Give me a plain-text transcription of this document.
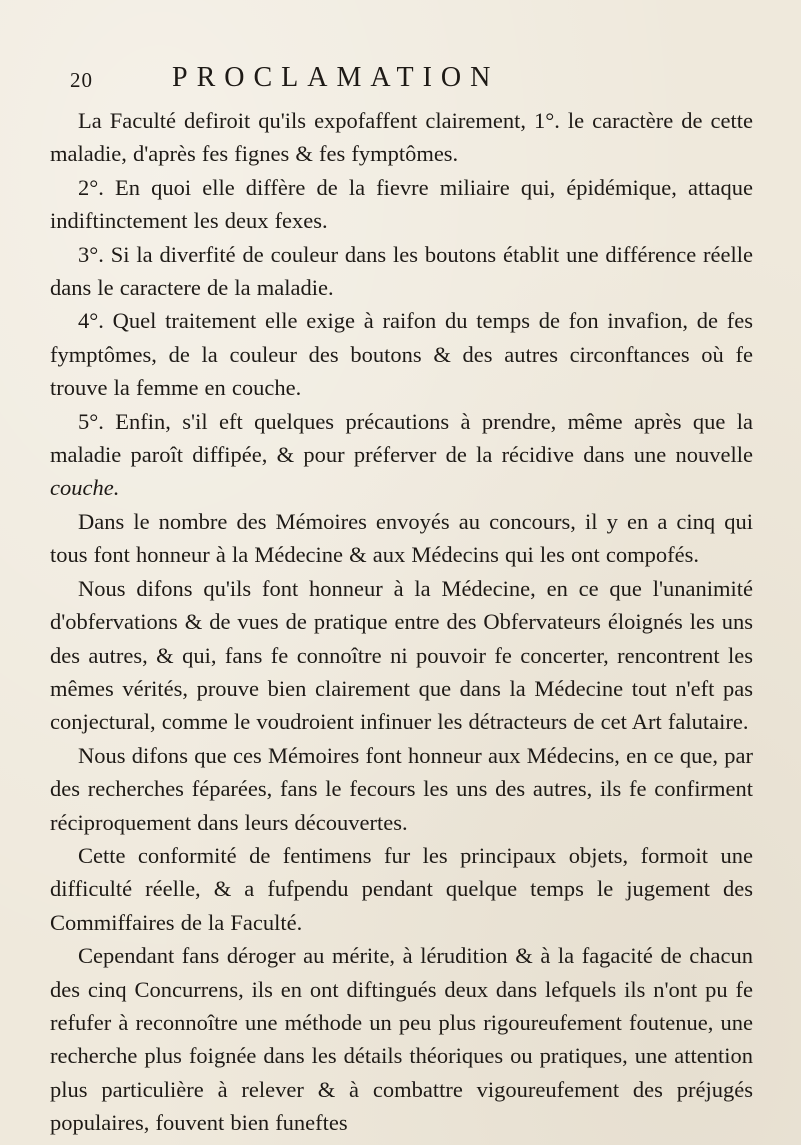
20	PROCLAMATION

La Faculté defiroit qu'ils expofaffent clairement, 1°. le caractère de cette maladie, d'après fes fignes & fes fymptômes.

2°. En quoi elle diffère de la fievre miliaire qui, épidémique, attaque indiftinctement les deux fexes.

3°. Si la diverfité de couleur dans les boutons établit une différence réelle dans le caractere de la maladie.

4°. Quel traitement elle exige à raifon du temps de fon invafion, de fes fymptômes, de la couleur des boutons & des autres circonftances où fe trouve la femme en couche.

5°. Enfin, s'il eft quelques précautions à prendre, même après que la maladie paroît diffipée, & pour préferver de la récidive dans une nouvelle couche.

Dans le nombre des Mémoires envoyés au concours, il y en a cinq qui tous font honneur à la Médecine & aux Médecins qui les ont compofés.

Nous difons qu'ils font honneur à la Médecine, en ce que l'unanimité d'obfervations & de vues de pratique entre des Obfervateurs éloignés les uns des autres, & qui, fans fe connoître ni pouvoir fe concerter, rencontrent les mêmes vérités, prouve bien clairement que dans la Médecine tout n'eft pas conjectural, comme le voudroient infinuer les détracteurs de cet Art falutaire.

Nous difons que ces Mémoires font honneur aux Médecins, en ce que, par des recherches féparées, fans le fecours les uns des autres, ils fe confirment réciproquement dans leurs découvertes.

Cette conformité de fentimens fur les principaux objets, formoit une difficulté réelle, & a fufpendu pendant quelque temps le jugement des Commiffaires de la Faculté.

Cependant fans déroger au mérite, à lérudition & à la fagacité de chacun des cinq Concurrens, ils en ont diftingués deux dans lefquels ils n'ont pu fe refufer à reconnoître une méthode un peu plus rigoureufement foutenue, une recherche plus foignée dans les détails théoriques ou pratiques, une attention plus particulière à relever & à combattre vigoureufement des préjugés populaires, fouvent bien funeftes
